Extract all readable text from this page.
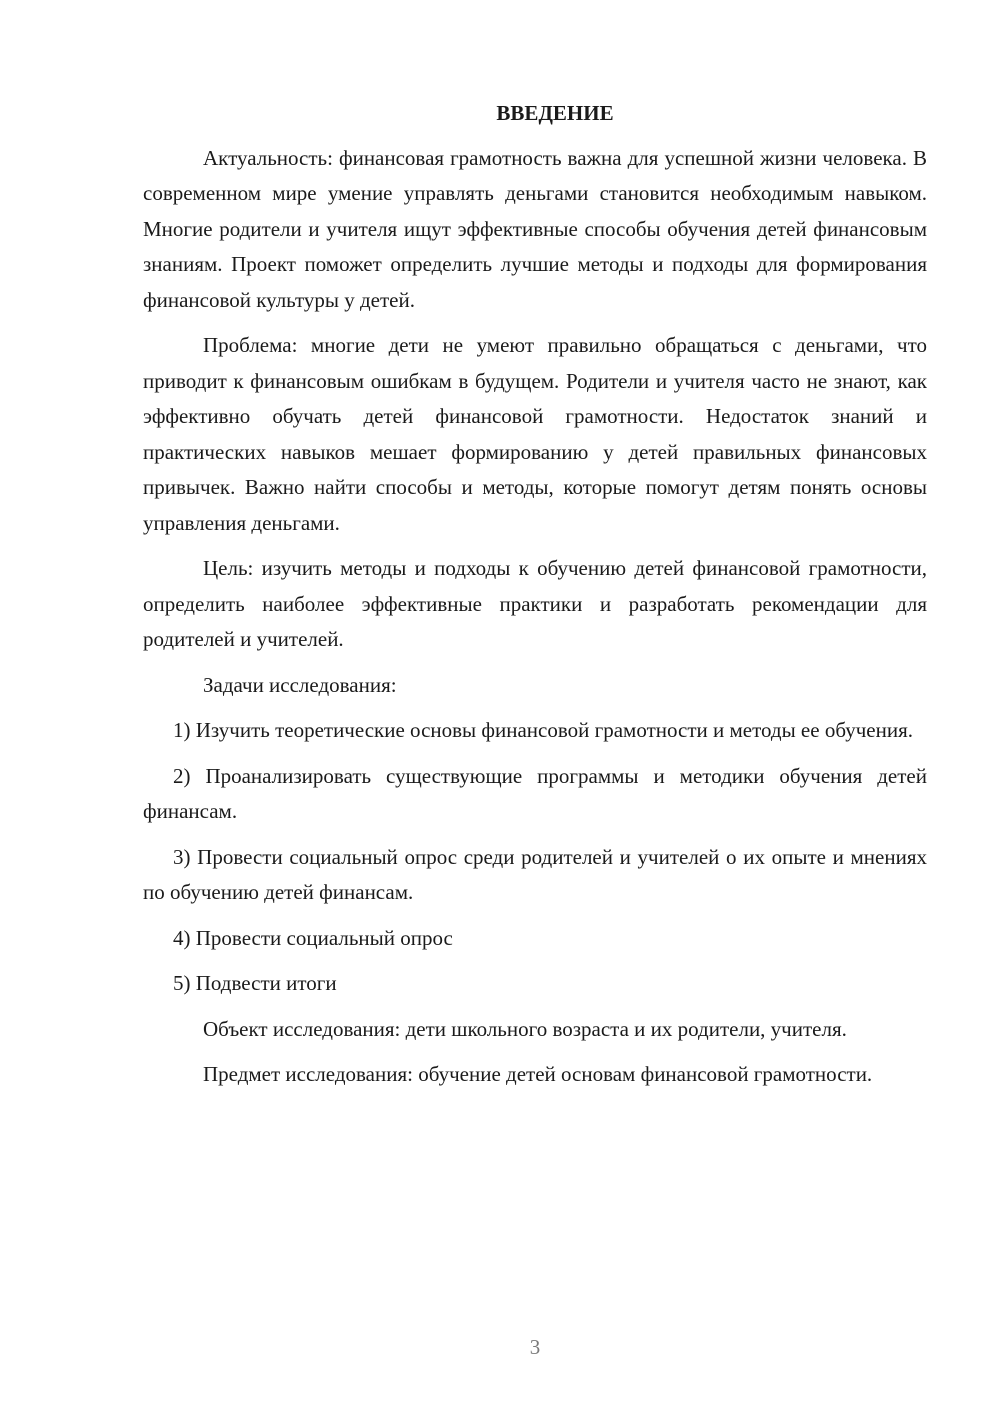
ВВЕДЕНИЕ

Актуальность: финансовая грамотность важна для успешной жизни человека. В современном мире умение управлять деньгами становится необходимым навыком. Многие родители и учителя ищут эффективные способы обучения детей финансовым знаниям. Проект поможет определить лучшие методы и подходы для формирования финансовой культуры у детей.

Проблема: многие дети не умеют правильно обращаться с деньгами, что приводит к финансовым ошибкам в будущем. Родители и учителя часто не знают, как эффективно обучать детей финансовой грамотности. Недостаток знаний и практических навыков мешает формированию у детей правильных финансовых привычек. Важно найти способы и методы, которые помогут детям понять основы управления деньгами.

Цель: изучить методы и подходы к обучению детей финансовой грамотности, определить наиболее эффективные практики и разработать рекомендации для родителей и учителей.

Задачи исследования:

1) Изучить теоретические основы финансовой грамотности и методы ее обучения.

2) Проанализировать существующие программы и методики обучения детей финансам.

3) Провести социальный опрос среди родителей и учителей о их опыте и мнениях по обучению детей финансам.

4) Провести социальный опрос

5) Подвести итоги

Объект исследования: дети школьного возраста и их родители, учителя.

Предмет исследования: обучение детей основам финансовой грамотности.

3
